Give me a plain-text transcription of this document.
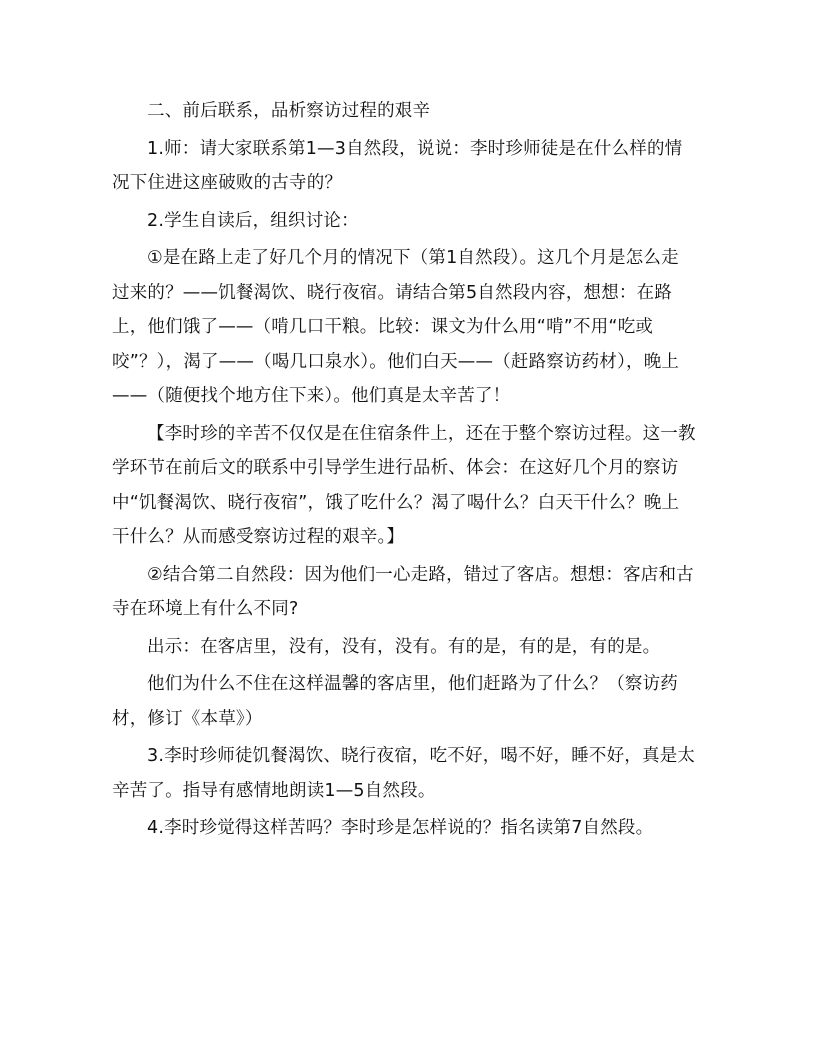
二、前后联系，品析察访过程的艰辛

1.师：请大家联系第1—3自然段，说说：李时珍师徒是在什么样的情况下住进这座破败的古寺的？

2.学生自读后，组织讨论：

①是在路上走了好几个月的情况下（第1自然段）。这几个月是怎么走过来的？——饥餐渴饮、晓行夜宿。请结合第5自然段内容，想想：在路上，他们饿了——（啃几口干粮。比较：课文为什么用“啃”不用“吃或咬”？），渴了——（喝几口泉水）。他们白天——（赶路察访药材），晚上——（随便找个地方住下来）。他们真是太辛苦了！

【李时珍的辛苦不仅仅是在住宿条件上，还在于整个察访过程。这一教学环节在前后文的联系中引导学生进行品析、体会：在这好几个月的察访中“饥餐渴饮、晓行夜宿”，饿了吃什么？渴了喝什么？白天干什么？晚上干什么？从而感受察访过程的艰辛。】

②结合第二自然段：因为他们一心走路，错过了客店。想想：客店和古寺在环境上有什么不同?

出示：在客店里，没有，没有，没有。有的是，有的是，有的是。

他们为什么不住在这样温馨的客店里，他们赶路为了什么？（察访药材，修订《本草》）

3.李时珍师徒饥餐渴饮、晓行夜宿，吃不好，喝不好，睡不好，真是太辛苦了。指导有感情地朗读1—5自然段。

4.李时珍觉得这样苦吗？李时珍是怎样说的？指名读第7自然段。
